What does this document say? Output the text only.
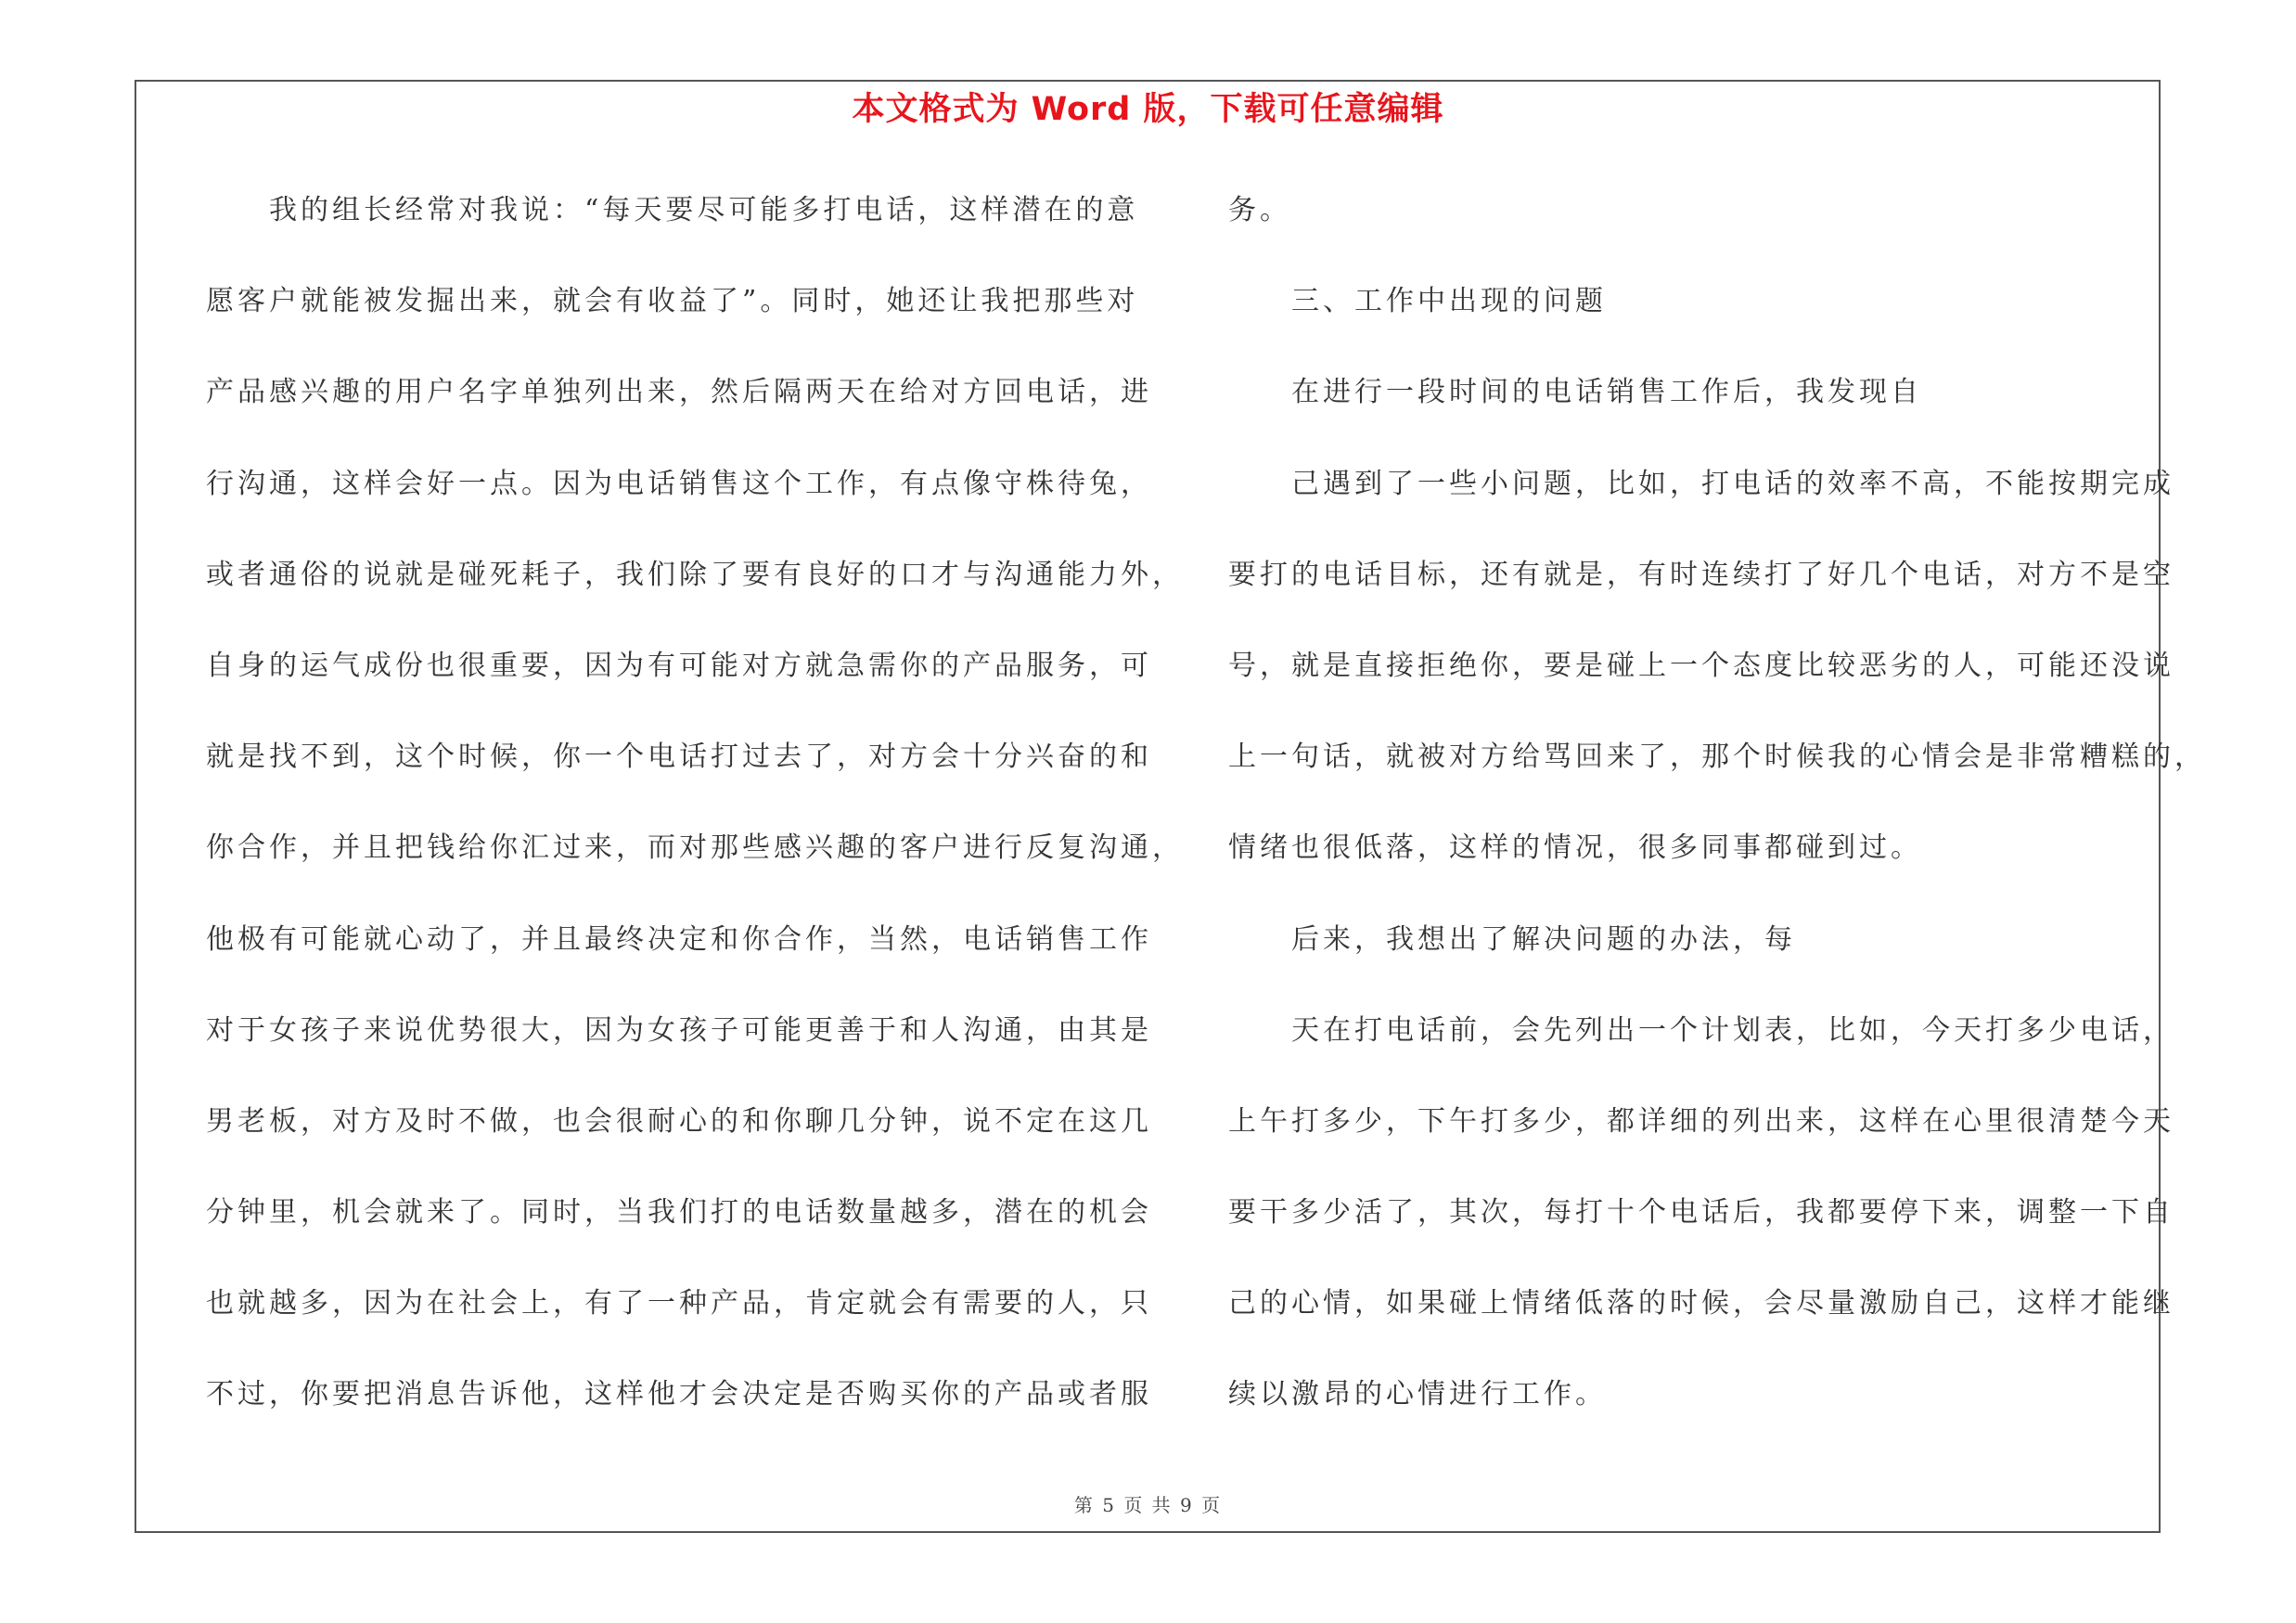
本文格式为 Word 版，下载可任意编辑
我的组长经常对我说：“每天要尽可能多打电话，这样潜在的意
愿客户就能被发掘出来，就会有收益了”。同时，她还让我把那些对
产品感兴趣的用户名字单独列出来，然后隔两天在给对方回电话，进
行沟通，这样会好一点。因为电话销售这个工作，有点像守株待兔，
或者通俗的说就是碰死耗子，我们除了要有良好的口才与沟通能力外，
自身的运气成份也很重要，因为有可能对方就急需你的产品服务，可
就是找不到，这个时候，你一个电话打过去了，对方会十分兴奋的和
你合作，并且把钱给你汇过来，而对那些感兴趣的客户进行反复沟通，
他极有可能就心动了，并且最终决定和你合作，当然，电话销售工作
对于女孩子来说优势很大，因为女孩子可能更善于和人沟通，由其是
男老板，对方及时不做，也会很耐心的和你聊几分钟，说不定在这几
分钟里，机会就来了。同时，当我们打的电话数量越多，潜在的机会
也就越多，因为在社会上，有了一种产品，肯定就会有需要的人，只
不过，你要把消息告诉他，这样他才会决定是否购买你的产品或者服
务。
三、工作中出现的问题
在进行一段时间的电话销售工作后，我发现自
己遇到了一些小问题，比如，打电话的效率不高，不能按期完成
要打的电话目标，还有就是，有时连续打了好几个电话，对方不是空
号，就是直接拒绝你，要是碰上一个态度比较恶劣的人，可能还没说
上一句话，就被对方给骂回来了，那个时候我的心情会是非常糟糕的，
情绪也很低落，这样的情况，很多同事都碰到过。
后来，我想出了解决问题的办法，每
天在打电话前，会先列出一个计划表，比如，今天打多少电话，
上午打多少，下午打多少，都详细的列出来，这样在心里很清楚今天
要干多少活了，其次，每打十个电话后，我都要停下来，调整一下自
己的心情，如果碰上情绪低落的时候，会尽量激励自己，这样才能继
续以激昂的心情进行工作。
第 5 页 共 9 页
